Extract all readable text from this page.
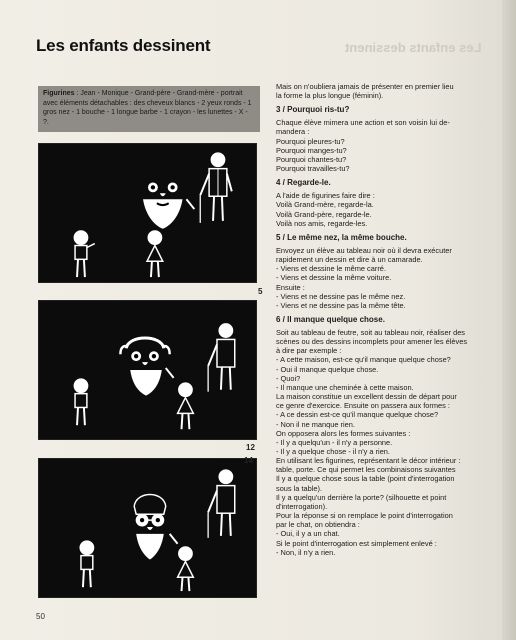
Les enfants dessinent
Les enfants dessinent
Figurines : Jean - Monique - Grand-père - Grand-mère - portrait avec éléments détachables : des cheveux blancs - 2 yeux ronds - 1 gros nez - 1 bouche - 1 longue barbe - 1 crayon - les lunettes - X - ?.
5
12
14

Mais on n'oubliera jamais de présenter en premier lieu

la forme la plus longue (féminin).

3 / Pourquoi ris-tu?

Chaque élève mimera une action et son voisin lui de-

mandera :

Pourquoi pleures-tu?

Pourquoi manges-tu?

Pourquoi chantes-tu?

Pourquoi travailles-tu?

4 / Regarde-le.

A l'aide de figurines faire dire :

Voilà Grand-mère, regarde-la.

Voilà Grand-père, regarde-le.

Voilà nos amis, regarde-les.

5 / Le même nez, la même bouche.

Envoyez un élève au tableau noir où il devra exécuter

rapidement un dessin et dire à un camarade.

- Viens et dessine le même carré.

- Viens et dessine la même voiture.

Ensuite :

- Viens et ne dessine pas le même nez.

- Viens et ne dessine pas la même tête.

6 / Il manque quelque chose.

Soit au tableau de feutre, soit au tableau noir, réaliser des

scènes ou des dessins incomplets pour amener les élèves

à dire par exemple :

- A cette maison, est-ce qu'il manque quelque chose?

- Oui il manque quelque chose.

- Quoi?

- Il manque une cheminée à cette maison.

La maison constitue un excellent dessin de départ pour

ce genre d'exercice. Ensuite on passera aux formes :

- A ce dessin est-ce qu'il manque quelque chose?

- Non il ne manque rien.

On opposera alors les formes suivantes :

- Il y a quelqu'un - il n'y a personne.

- Il y a quelque chose - il n'y a rien.

En utilisant les figurines, représentant le décor intérieur :

table, porte. Ce qui permet les combinaisons suivantes

Il y a quelque chose sous la table (point d'interrogation

sous la table).

Il y a quelqu'un derrière la porte? (silhouette et point

d'interrogation).

Pour la réponse si on remplace le point d'interrogation

par le chat, on obtiendra :

- Oui, il y a un chat.

Si le point d'interrogation est simplement enlevé :

- Non, il n'y a rien.

50
